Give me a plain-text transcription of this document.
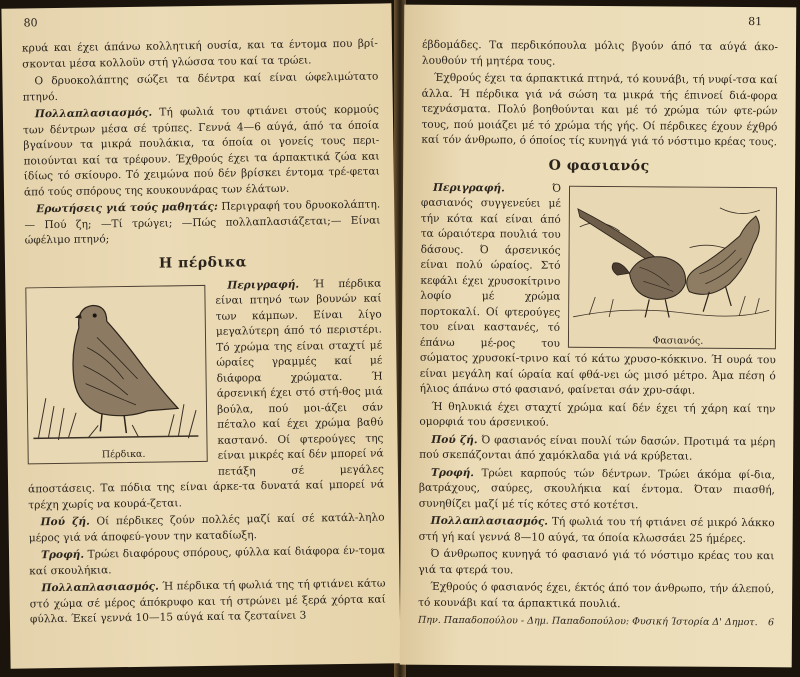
80

κρυά και έχει άπάνω κολλητική ουσία, και τα έντομα που βρί-σκονται μέσα κολλοϋν στή γλώσσα του καί τα τρώει.

Ο δρυοκολάπτης σώζει τα δέντρα καί είναι ώφελιμώτατο πτηνό.

Πολλαπλασιασμός. Τή φωλιά του φτιάνει στούς κορμούς των δέντρων μέσα σέ τρύπες. Γεννά 4—6 αύγά, άπό τα όποία βγαίνουν τα μικρά πουλάκια, τα όποία οι γονείς τους περι-ποιούνται καί τα τρέφουν. Έχθρούς έχει τα άρπακτικά ζώα και ίδίως τό σκίουρο. Τό χειμώνα πού δέν βρίσκει έντομα τρέ-φεται άπό τούς σπόρους της κουκουνάρας των έλάτων.

Ερωτήσεις γιά τούς μαθητάς: Περιγραφή του δρυοκολάπτη.— Πού ζη; —Τί τρώγει; —Πώς πολλαπλασιάζεται;— Είναι ώφέλιμο πτηνό;

Η πέρδικα

Πέρδικα.
Περιγραφή. Ή πέρδικα είναι πτηνό των βουνών καί των κάμπων. Είναι λίγο μεγαλύτερη άπό τό περιστέρι. Τό χρώμα της είναι σταχτί μέ ώραίες γραμμές καί μέ διάφορα χρώματα. Ή άρσενική έχει στό στή-θος μιά βούλα, πού μοι-άζει σάν πέταλο καί έχει χρώμα βαθύ καστανό. Οί φτερούγες της είναι μικρές καί δέν μπορεί νά πετάξη σέ μεγάλες άποστάσεις. Τα πόδια της είναι άρκε-τα δυνατά καί μπορεί νά τρέχη χωρίς να κουρά-ζεται.

Πού ζή. Οί πέρδικες ζούν πολλές μαζί καί σέ κατάλ-ληλο μέρος γιά νά άποφεύ-γουν την καταδίωξη.

Τροφή. Τρώει διαφόρους σπόρους, φύλλα καί διάφορα έν-τομα καί σκουλήκια.

Πολλαπλασιασμός. Ή πέρδικα τή φωλιά της τή φτιάνει κάτω στό χώμα σέ μέρος άπόκρυφο και τή στρώνει μέ ξερά χόρτα καί φύλλα. Έκεί γεννά 10—15 αύγά καί τα ζεσταίνει 3

81

έβδομάδες. Τα περδικόπουλα μόλις βγούν άπό τα αύγά άκο-λουθούν τή μητέρα τους.

Έχθρούς έχει τα άρπακτικά πτηνά, τό κουνάβι, τή νυφί-τσα καί άλλα. Ή πέρδικα γιά νά σώση τα μικρά τής έπινοεί διά-φορα τεχνάσματα. Πολύ βοηθούνται και μέ τό χρώμα τών φτε-ρών τους, πού μοιάζει μέ τό χρώμα τής γής. Οί πέρδικες έχουν έχθρό καί τόν άνθρωπο, ό όποίος τίς κυνηγά γιά τό νόστιμο κρέας τους.

Ο φασιανός

Φασιανός.
Περιγραφή.	Ό φασιανός συγγενεύει μέ τήν κότα καί είναι άπό τα ώραιότερα πουλιά του δάσους. Ό άρσενικός είναι πολύ ώραίος. Στό κεφάλι έχει χρυσοκίτρινο λοφίο μέ χρώμα πορτοκαλί. Οί φτερούγες του είναι καστανές, τό έπάνω μέ-ρος του σώματος χρυσοκί-τρινο καί τό κάτω χρυσο-κόκκινο. Ή ουρά του είναι μεγάλη καί ώραία καί φθά-νει ώς μισό μέτρο. Άμα πέση ό ήλιος άπάνω στό φασιανό, φαίνεται σάν χρυ-σάφι.

Ή θηλυκιά έχει σταχτί χρώμα καί δέν έχει τή χάρη καί την ομορφιά του άρσενικού.

Πού ζή. Ό φασιανός είναι πουλί τών δασών. Προτιμά τα μέρη πού σκεπάζονται άπό χαμόκλαδα γιά νά κρύβεται.

Τροφή. Τρώει καρπούς τών δέντρων. Τρώει άκόμα φί-δια, βατράχους, σαύρες, σκουλήκια καί έντομα. Όταν πιασθή, συνηθίζει μαζί μέ τίς κότες στό κοτέτσι.

Πολλαπλασιασμός. Τή φωλιά του τή φτιάνει σέ μικρό λάκκο στή γή καί γεννά 8—10 αύγά, τα όποία κλωσσάει 25 ήμέρες.

Ό άνθρωπος κυνηγά τό φασιανό γιά τό νόστιμο κρέας του και γιά τα φτερά του.

Έχθρούς ό φασιανός έχει, έκτός άπό τον άνθρωπο, τήν άλεπού, τό κουνάβι καί τα άρπακτικά πουλιά.

Πην. Παπαδοπούλου - Δημ. Παπαδοπούλου: Φυσική Ίστορία Δ' Δημοτ. 6
